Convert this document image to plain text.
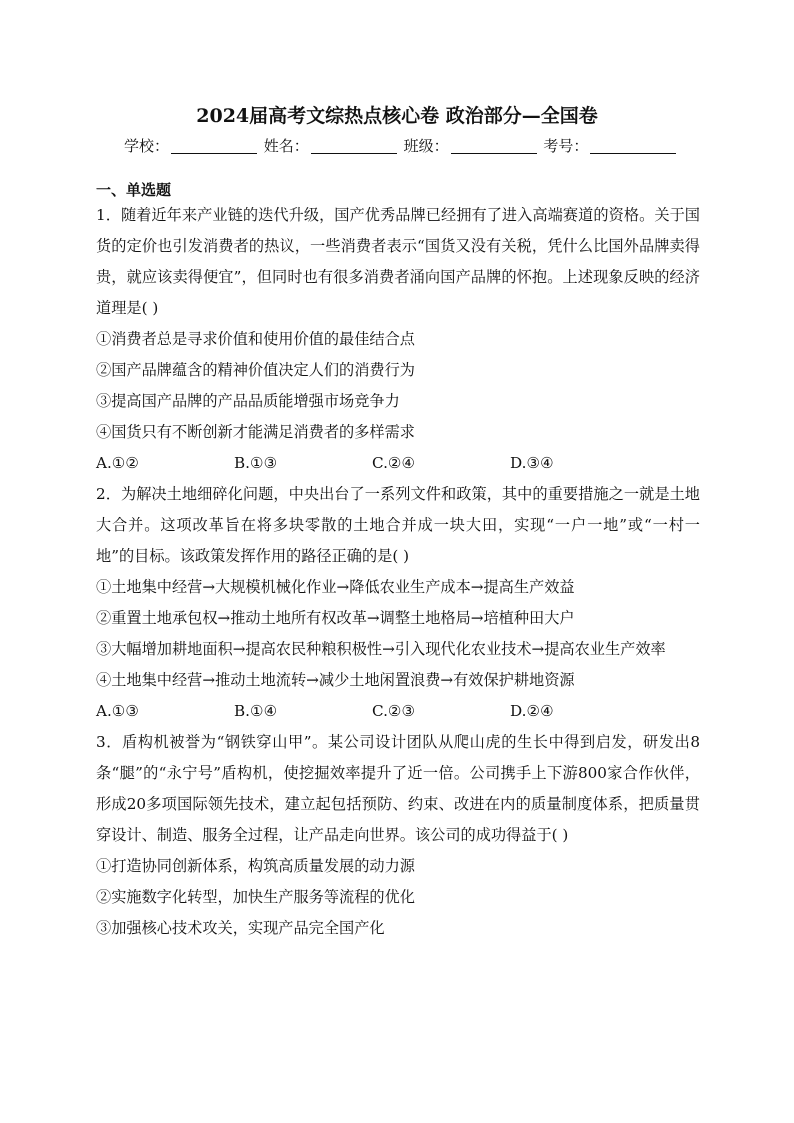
2024届高考文综热点核心卷 政治部分—全国卷
学校：	姓名：	班级：	考号：
一、单选题

1．随着近年来产业链的迭代升级，国产优秀品牌已经拥有了进入高端赛道的资格。关于国货的定价也引发消费者的热议，一些消费者表示“国货又没有关税，凭什么比国外品牌卖得贵，就应该卖得便宜”，但同时也有很多消费者涌向国产品牌的怀抱。上述现象反映的经济道理是( )

①消费者总是寻求价值和使用价值的最佳结合点

②国产品牌蕴含的精神价值决定人们的消费行为

③提高国产品牌的产品品质能增强市场竞争力

④国货只有不断创新才能满足消费者的多样需求

A.①②	B.①③	C.②④	D.③④

2．为解决土地细碎化问题，中央出台了一系列文件和政策，其中的重要措施之一就是土地大合并。这项改革旨在将多块零散的土地合并成一块大田，实现“一户一地”或“一村一地”的目标。该政策发挥作用的路径正确的是( )

①土地集中经营→大规模机械化作业→降低农业生产成本→提高生产效益

②重置土地承包权→推动土地所有权改革→调整土地格局→培植种田大户

③大幅增加耕地面积→提高农民种粮积极性→引入现代化农业技术→提高农业生产效率

④土地集中经营→推动土地流转→减少土地闲置浪费→有效保护耕地资源

A.①③	B.①④	C.②③	D.②④

3．盾构机被誉为“钢铁穿山甲”。某公司设计团队从爬山虎的生长中得到启发，研发出8条“腿”的“永宁号”盾构机，使挖掘效率提升了近一倍。公司携手上下游800家合作伙伴，形成20多项国际领先技术，建立起包括预防、约束、改进在内的质量制度体系，把质量贯穿设计、制造、服务全过程，让产品走向世界。该公司的成功得益于( )

①打造协同创新体系，构筑高质量发展的动力源

②实施数字化转型，加快生产服务等流程的优化

③加强核心技术攻关，实现产品完全国产化
